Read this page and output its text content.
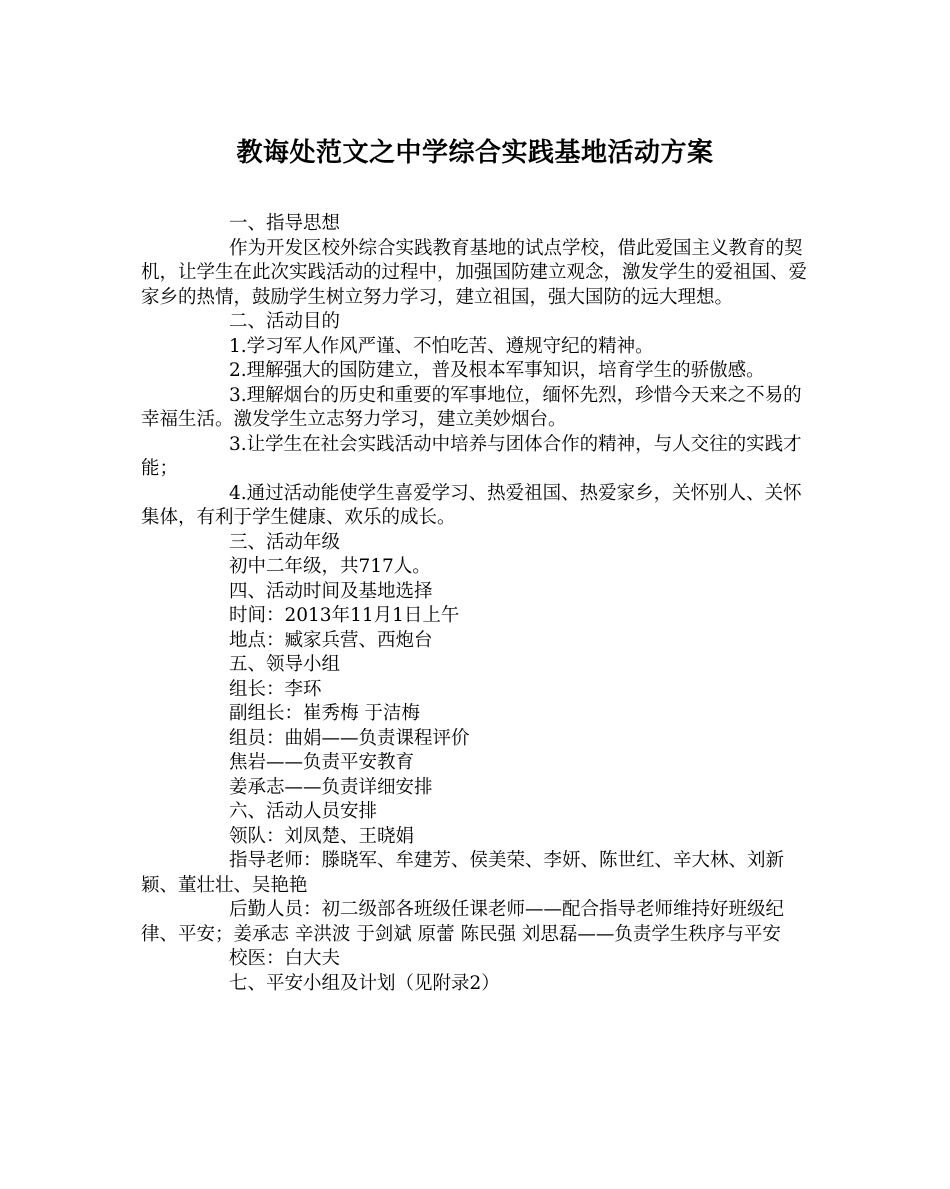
教诲处范文之中学综合实践基地活动方案

一、指导思想

作为开发区校外综合实践教育基地的试点学校，借此爱国主义教育的契机，让学生在此次实践活动的过程中，加强国防建立观念，激发学生的爱祖国、爱家乡的热情，鼓励学生树立努力学习，建立祖国，强大国防的远大理想。

二、活动目的

1.学习军人作风严谨、不怕吃苦、遵规守纪的精神。

2.理解强大的国防建立，普及根本军事知识，培育学生的骄傲感。

3.理解烟台的历史和重要的军事地位，缅怀先烈，珍惜今天来之不易的幸福生活。激发学生立志努力学习，建立美妙烟台。

3.让学生在社会实践活动中培养与团体合作的精神，与人交往的实践才能；

4.通过活动能使学生喜爱学习、热爱祖国、热爱家乡，关怀别人、关怀集体，有利于学生健康、欢乐的成长。

三、活动年级

初中二年级，共717人。

四、活动时间及基地选择

时间：2013年11月1日上午

地点：臧家兵营、西炮台

五、领导小组

组长：李环

副组长：崔秀梅 于洁梅

组员：曲娟——负责课程评价

焦岩——负责平安教育

姜承志——负责详细安排

六、活动人员安排

领队：刘凤楚、王晓娟

指导老师：滕晓军、牟建芳、侯美荣、李妍、陈世红、辛大林、刘新颖、董壮壮、吴艳艳

后勤人员：初二级部各班级任课老师——配合指导老师维持好班级纪律、平安；姜承志 辛洪波 于剑斌 原蕾 陈民强 刘思磊——负责学生秩序与平安

校医：白大夫

七、平安小组及计划（见附录2）
